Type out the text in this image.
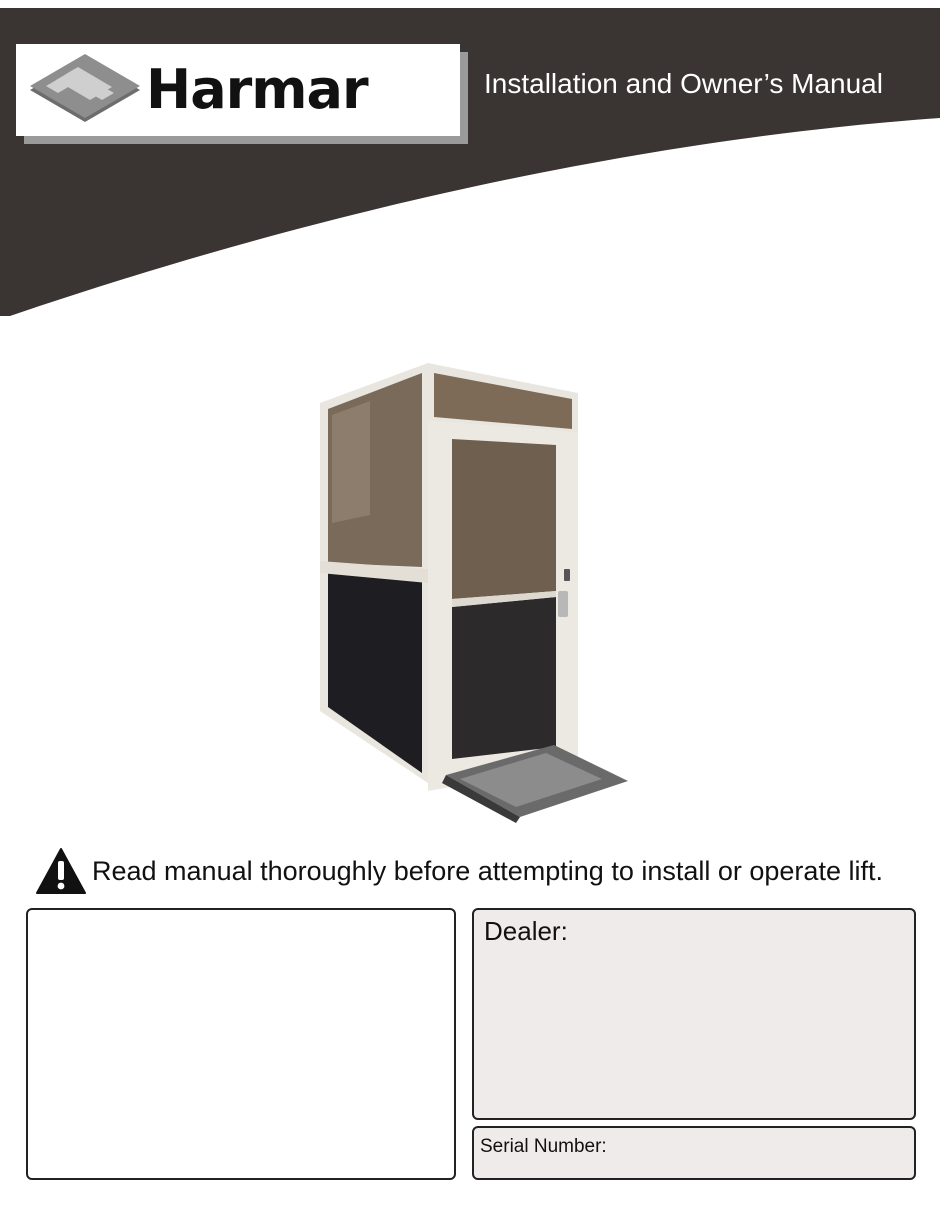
Harmar	Installation and Owner’s Manual
Read manual thoroughly before attempting to install or operate lift.
Dealer:
Serial Number:
